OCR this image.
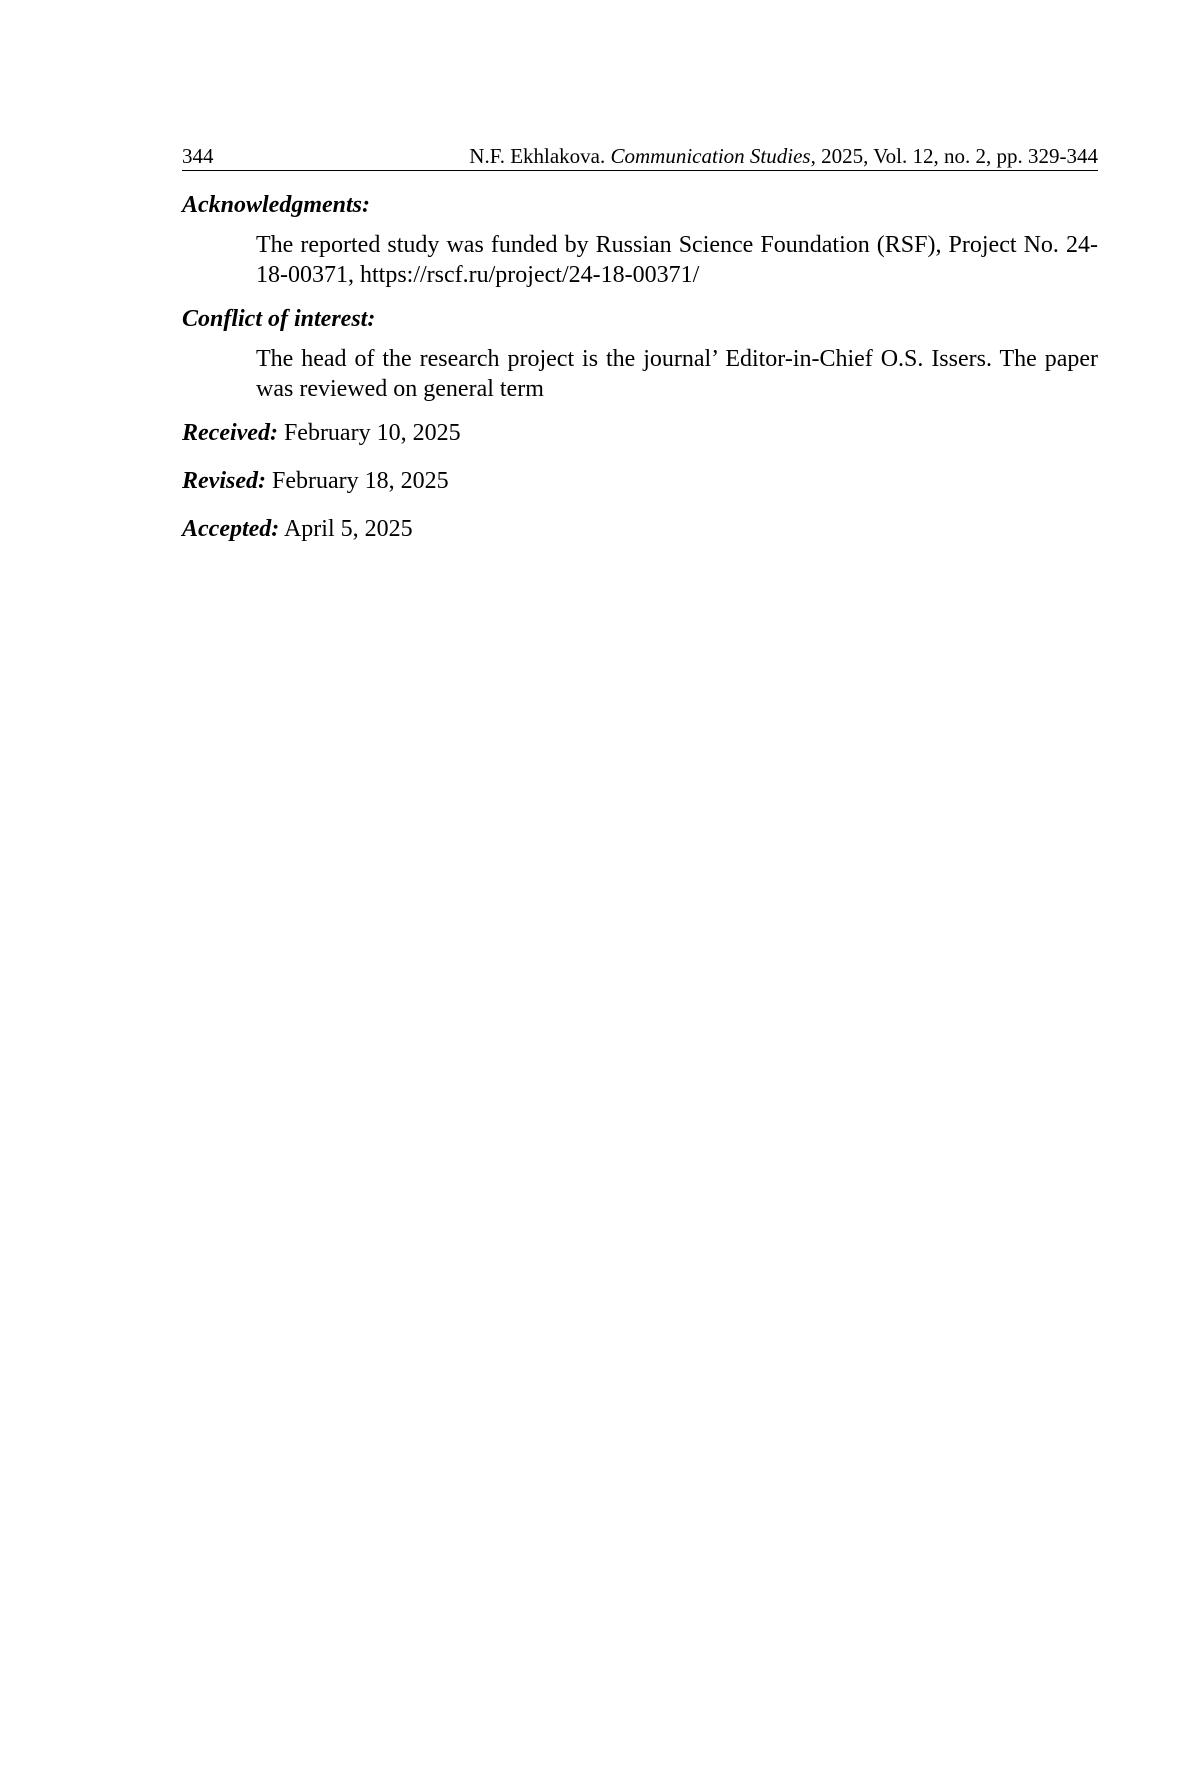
344	N.F. Ekhlakova. Communication Studies, 2025, Vol. 12, no. 2, pp. 329-344

Acknowledgments:

The reported study was funded by Russian Science Foundation (RSF), Project No. 24-18-00371, https://rscf.ru/project/24-18-00371/

Conflict of interest:

The head of the research project is the journal’ Editor-in-Chief O.S. Issers. The paper was reviewed on general term

Received: February 10, 2025

Revised: February 18, 2025

Accepted: April 5, 2025
